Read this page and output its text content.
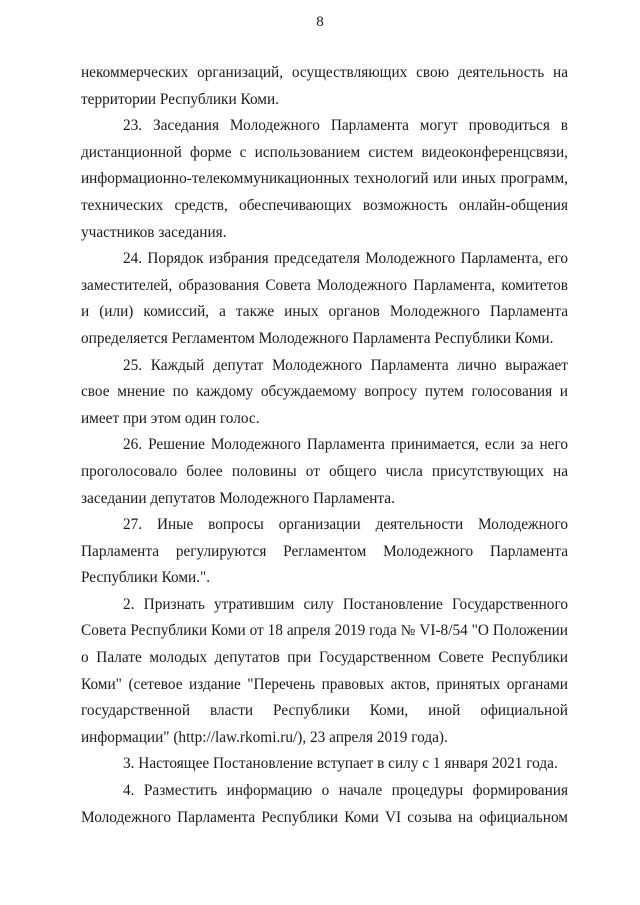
8

некоммерческих организаций, осуществляющих свою деятельность на территории Республики Коми.

23. Заседания Молодежного Парламента могут проводиться в дистанционной форме с использованием систем видеоконференцсвязи, информационно-телекоммуникационных технологий или иных программ, технических средств, обеспечивающих возможность онлайн-общения участников заседания.

24. Порядок избрания председателя Молодежного Парламента, его заместителей, образования Совета Молодежного Парламента, комитетов и (или) комиссий, а также иных органов Молодежного Парламента определяется Регламентом Молодежного Парламента Республики Коми.

25. Каждый депутат Молодежного Парламента лично выражает свое мнение по каждому обсуждаемому вопросу путем голосования и имеет при этом один голос.

26. Решение Молодежного Парламента принимается, если за него проголосовало более половины от общего числа присутствующих на заседании депутатов Молодежного Парламента.

27. Иные вопросы организации деятельности Молодежного Парламента регулируются Регламентом Молодежного Парламента Республики Коми.".

2. Признать утратившим силу Постановление Государственного Совета Республики Коми от 18 апреля 2019 года № VI-8/54 "О Положении о Палате молодых депутатов при Государственном Совете Республики Коми" (сетевое издание "Перечень правовых актов, принятых органами государственной власти Республики Коми, иной официальной информации" (http://law.rkomi.ru/), 23 апреля 2019 года).

3. Настоящее Постановление вступает в силу с 1 января 2021 года.

4. Разместить информацию о начале процедуры формирования Молодежного Парламента Республики Коми VI созыва на официальном
